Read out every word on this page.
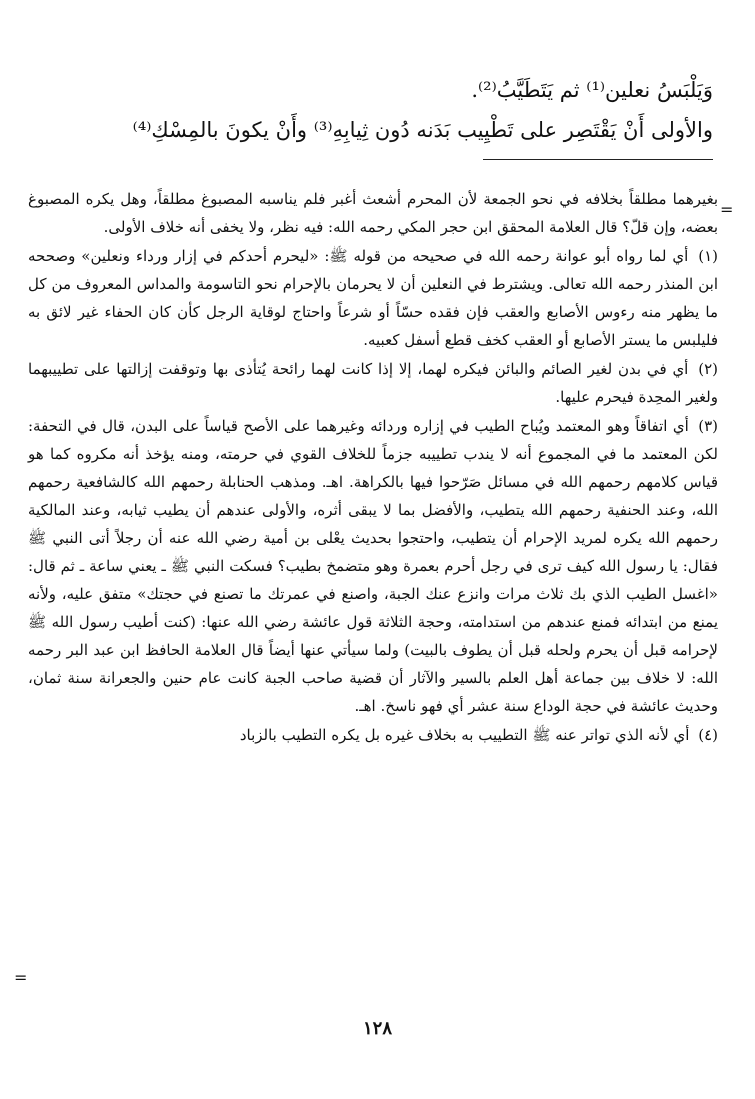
وَيَلْبَسُ نعلين⁽¹⁾ ثم يَتَطَيَّبُ⁽²⁾.
والأولى أَنْ يَقْتَصِر على تَطْيِيب بَدَنه دُون ثِيابِهِ⁽³⁾ وأَنْ يكونَ بالمِسْكِ⁽⁴⁾
=

بغيرهما مطلقاً بخلافه في نحو الجمعة لأن المحرم أشعث أغبر فلم يناسبه المصبوغ مطلقاً، وهل يكره المصبوغ بعضه، وإن قلّ؟ قال العلامة المحقق ابن حجر المكي رحمه الله: فيه نظر، ولا يخفى أنه خلاف الأولى.

(١) أي لما رواه أبو عوانة رحمه الله في صحيحه من قوله ﷺ: «ليحرم أحدكم في إزار ورداء ونعلين» وصححه ابن المنذر رحمه الله تعالى. ويشترط في النعلين أن لا يحرمان بالإحرام نحو التاسومة والمداس المعروف من كل ما يظهر منه رءوس الأصابع والعقب فإن فقده حسّاً أو شرعاً واحتاج لوقاية الرجل كأن كان الحفاء غير لائق به فليلبس ما يستر الأصابع أو العقب كخف قطع أسفل كعبيه.

(٢) أي في بدن لغير الصائم والبائن فيكره لهما، إلا إذا كانت لهما رائحة يُتأذى بها وتوقفت إزالتها على تطييبهما ولغير المحِدة فيحرم عليها.

(٣) أي اتفاقاً وهو المعتمد ويُباح الطيب في إزاره وردائه وغيرهما على الأصح قياساً على البدن، قال في التحفة: لكن المعتمد ما في المجموع أنه لا يندب تطييبه جزماً للخلاف القوي في حرمته، ومنه يؤخذ أنه مكروه كما هو قياس كلامهم رحمهم الله في مسائل صَرّحوا فيها بالكراهة. اهـ. ومذهب الحنابلة رحمهم الله كالشافعية رحمهم الله، وعند الحنفية رحمهم الله يتطيب، والأفضل بما لا يبقى أثره، والأولى عندهم أن يطيب ثيابه، وعند المالكية رحمهم الله يكره لمريد الإحرام أن يتطيب، واحتجوا بحديث يعْلى بن أمية رضي الله عنه أن رجلاً أتى النبي ﷺ فقال: يا رسول الله كيف ترى في رجل أحرم بعمرة وهو متضمخ بطيب؟ فسكت النبي ﷺ ـ يعني ساعة ـ ثم قال: «اغسل الطيب الذي بك ثلاث مرات وانزع عنك الجبة، واصنع في عمرتك ما تصنع في حجتك» متفق عليه، ولأنه يمنع من ابتدائه فمنع عندهم من استدامته، وحجة الثلاثة قول عائشة رضي الله عنها: (كنت أطيب رسول الله ﷺ لإحرامه قبل أن يحرم ولحله قبل أن يطوف بالبيت) ولما سيأتي عنها أيضاً قال العلامة الحافظ ابن عبد البر رحمه الله: لا خلاف بين جماعة أهل العلم بالسير والآثار أن قضية صاحب الجبة كانت عام حنين والجعرانة سنة ثمان، وحديث عائشة في حجة الوداع سنة عشر أي فهو ناسخ. اهـ.

(٤) أي لأنه الذي تواتر عنه ﷺ التطييب به بخلاف غيره بل يكره التطيب بالزباد

=
١٢٨
